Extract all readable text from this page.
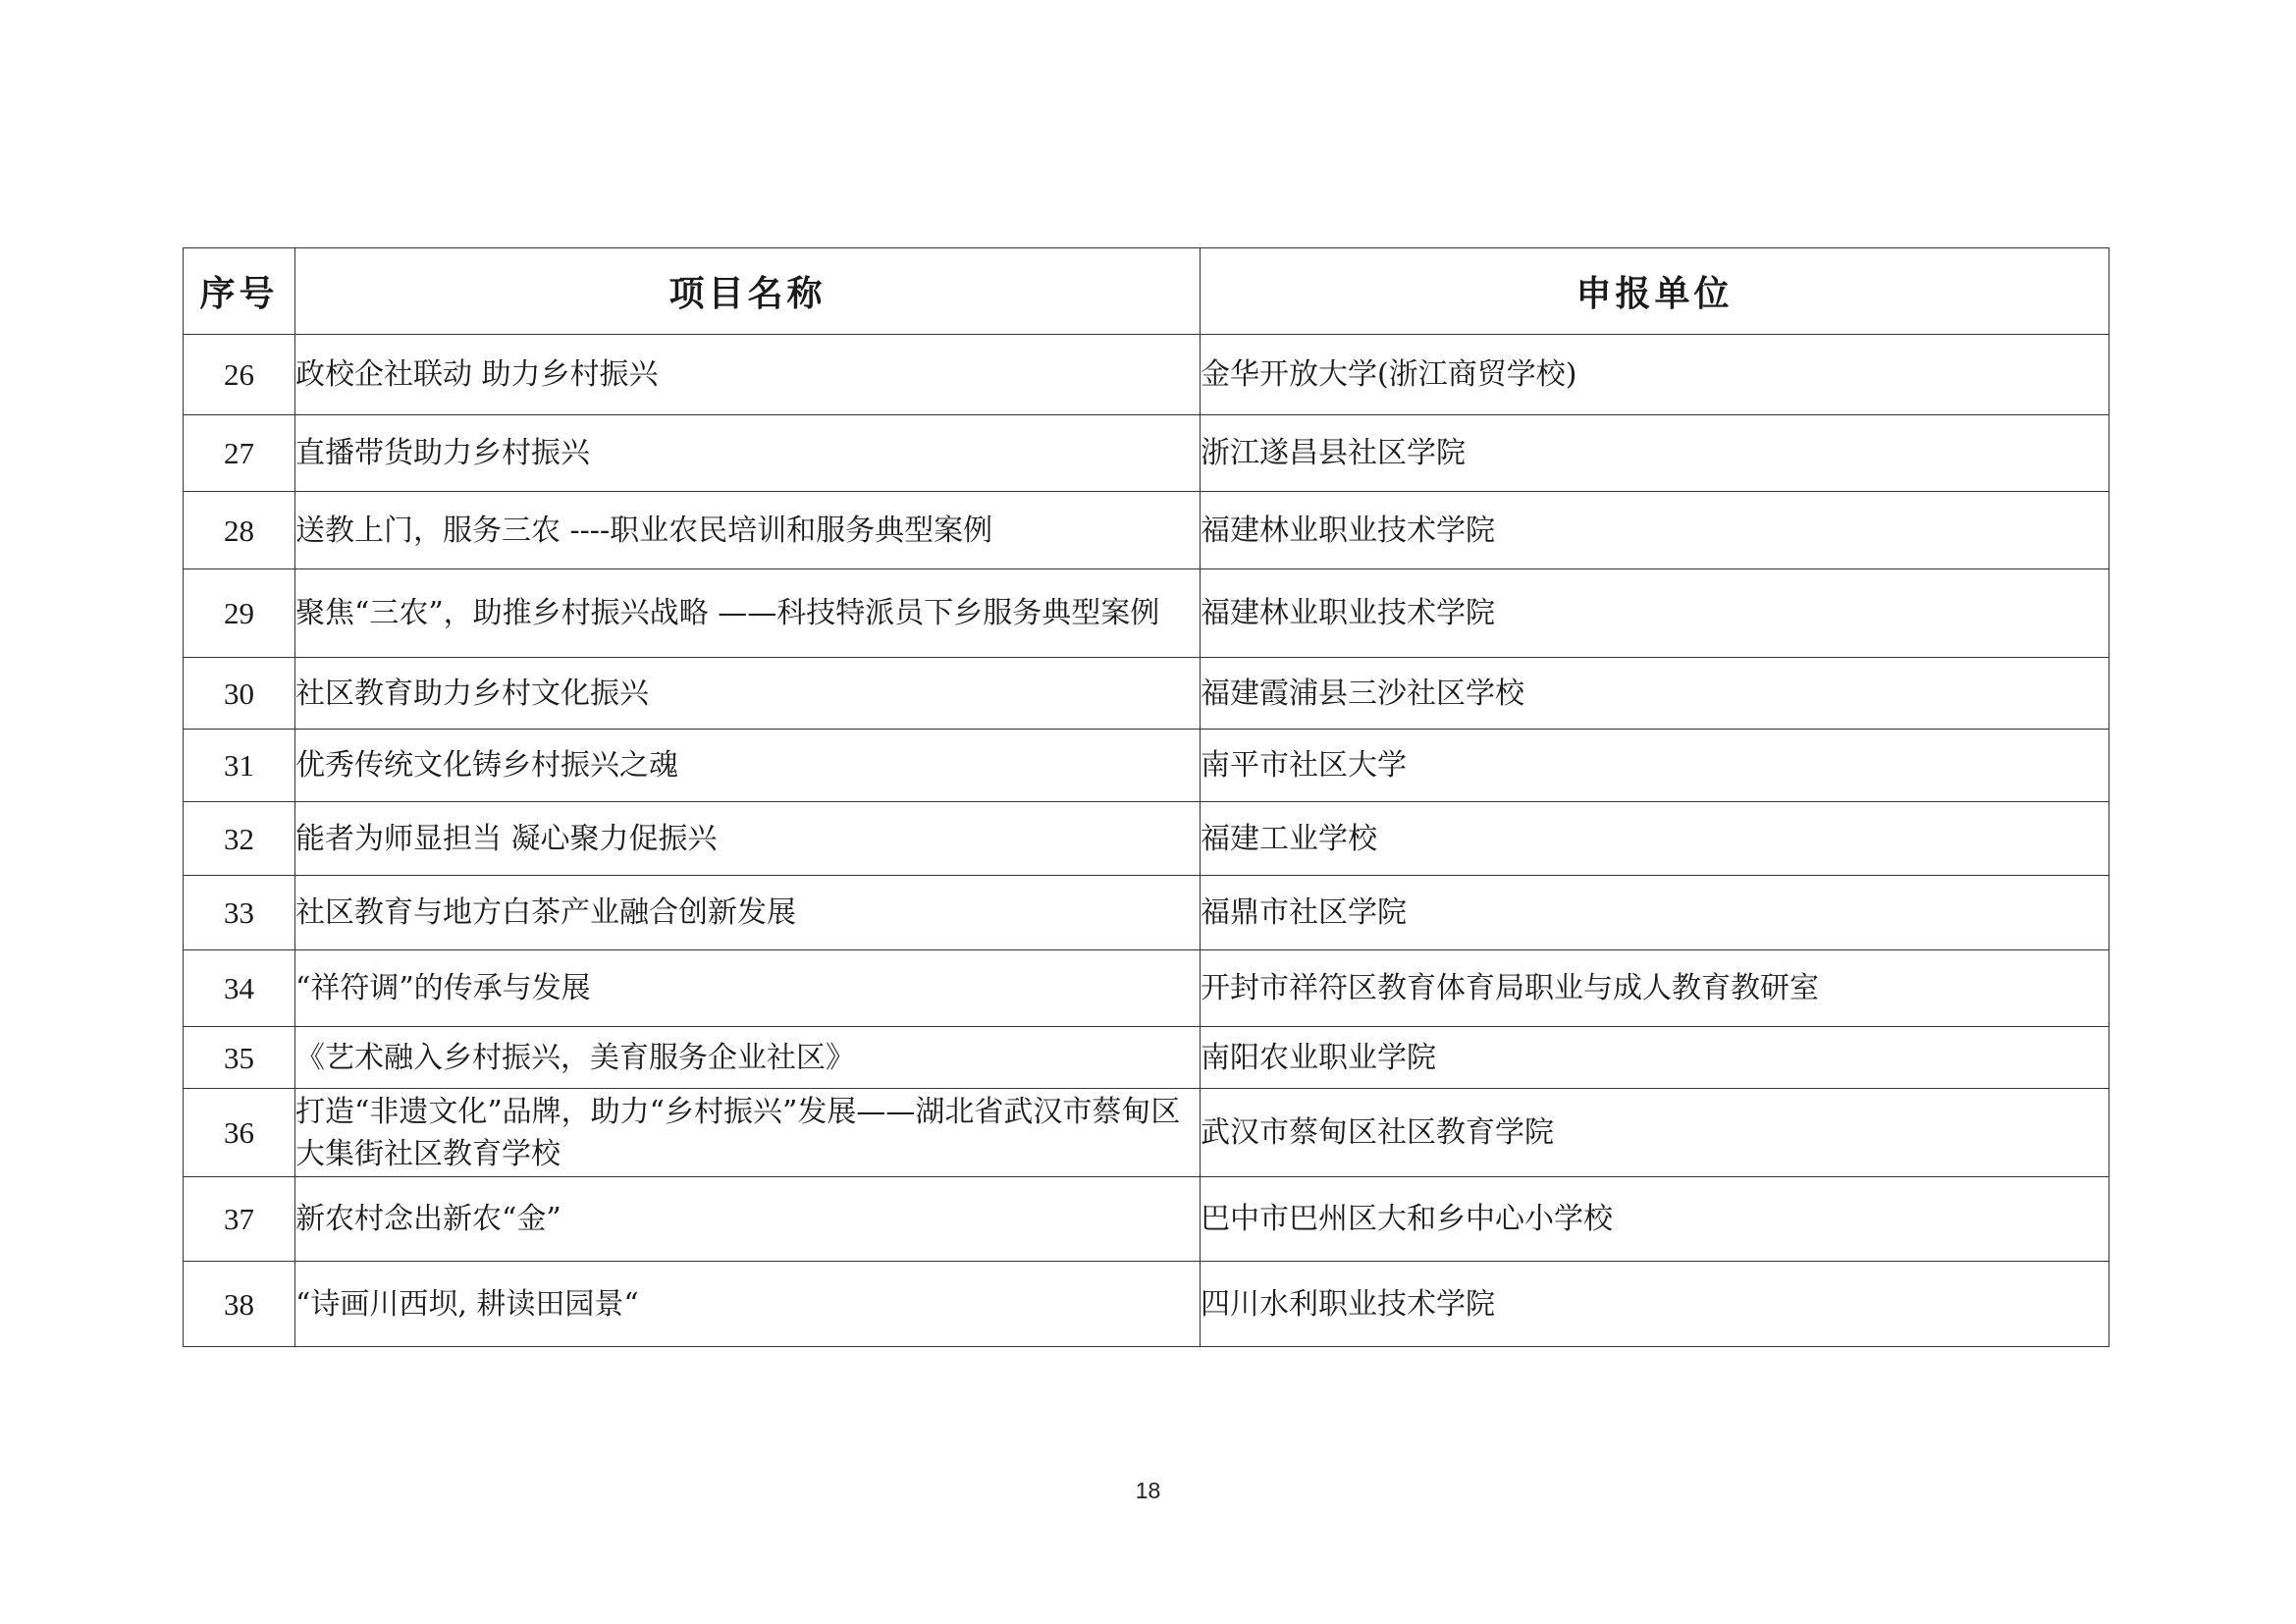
序号	项目名称	申报单位
26	政校企社联动 助力乡村振兴	金华开放大学(浙江商贸学校)
27	直播带货助力乡村振兴	浙江遂昌县社区学院
28	送教上门，服务三农 ----职业农民培训和服务典型案例	福建林业职业技术学院
29	聚焦“三农”，助推乡村振兴战略 ——科技特派员下乡服务典型案例	福建林业职业技术学院
30	社区教育助力乡村文化振兴	福建霞浦县三沙社区学校
31	优秀传统文化铸乡村振兴之魂	南平市社区大学
32	能者为师显担当 凝心聚力促振兴	福建工业学校
33	社区教育与地方白茶产业融合创新发展	福鼎市社区学院
34	“祥符调”的传承与发展	开封市祥符区教育体育局职业与成人教育教研室
35	《艺术融入乡村振兴，美育服务企业社区》	南阳农业职业学院
36	打造“非遗文化”品牌，助力“乡村振兴”发展——湖北省武汉市蔡甸区大集街社区教育学校	武汉市蔡甸区社区教育学院
37	新农村念出新农“金”	巴中市巴州区大和乡中心小学校
38	“诗画川西坝, 耕读田园景“	四川水利职业技术学院
18
